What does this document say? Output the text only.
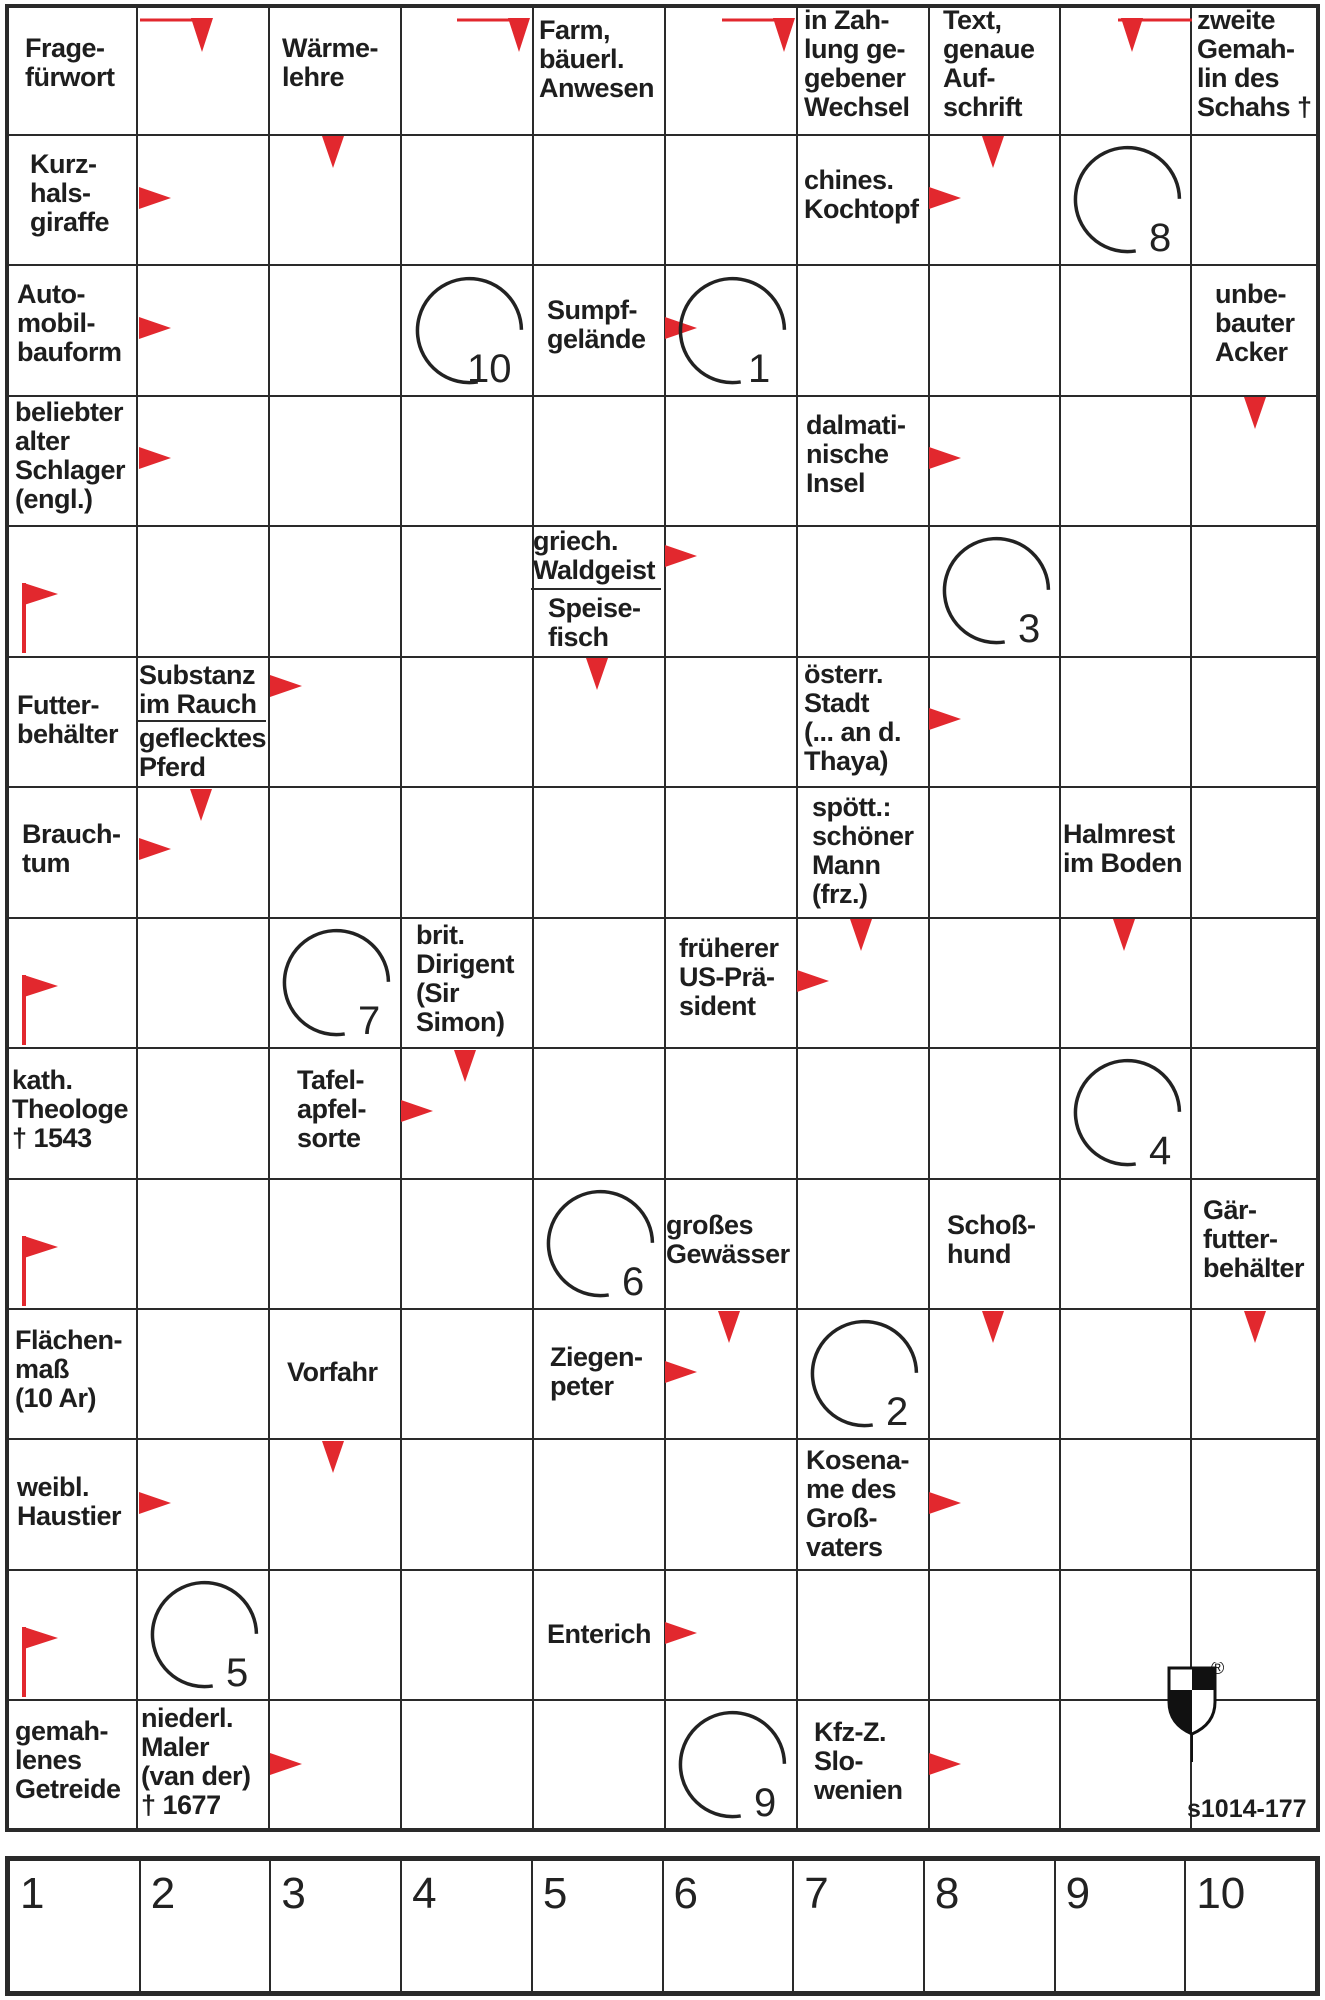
Frage-
fürwort
Wärme-
lehre
Farm,
bäuerl.
Anwesen
in Zah-
lung ge-
gebener
Wechsel
Text,
genaue
Auf-
schrift
zweite
Gemah-
lin des
Schahs †
Kurz-
hals-
giraffe
chines.
Kochtopf
Auto-
mobil-
bauform
Sumpf-
gelände
unbe-
bauter
Acker
beliebter
alter
Schlager
(engl.)
dalmati-
nische
Insel
griech.
Waldgeist
Speise-
fisch
Futter-
behälter
Substanz
im Rauch
geflecktes
Pferd
österr.
Stadt
(... an d.
Thaya)
Brauch-
tum
spött.:
schöner
Mann
(frz.)
Halmrest
im Boden
brit.
Dirigent
(Sir
Simon)
früherer
US-Prä-
sident
kath.
Theologe
† 1543
Tafel-
apfel-
sorte
großes
Gewässer
Schoß-
hund
Gär-
futter-
behälter
Flächen-
maß
(10 Ar)
Vorfahr	Ziegen-
peter
weibl.
Haustier
Kosena-
me des
Groß-
vaters
Enterich
gemah-
lenes
Getreide
niederl.
Maler
(van der)
† 1677
Kfz-Z.
Slo-
wenien
10	1
8
3
7
4
6
2
5
9
®
s1014-177
1 2 3 4 5 6 7 8 9 10
